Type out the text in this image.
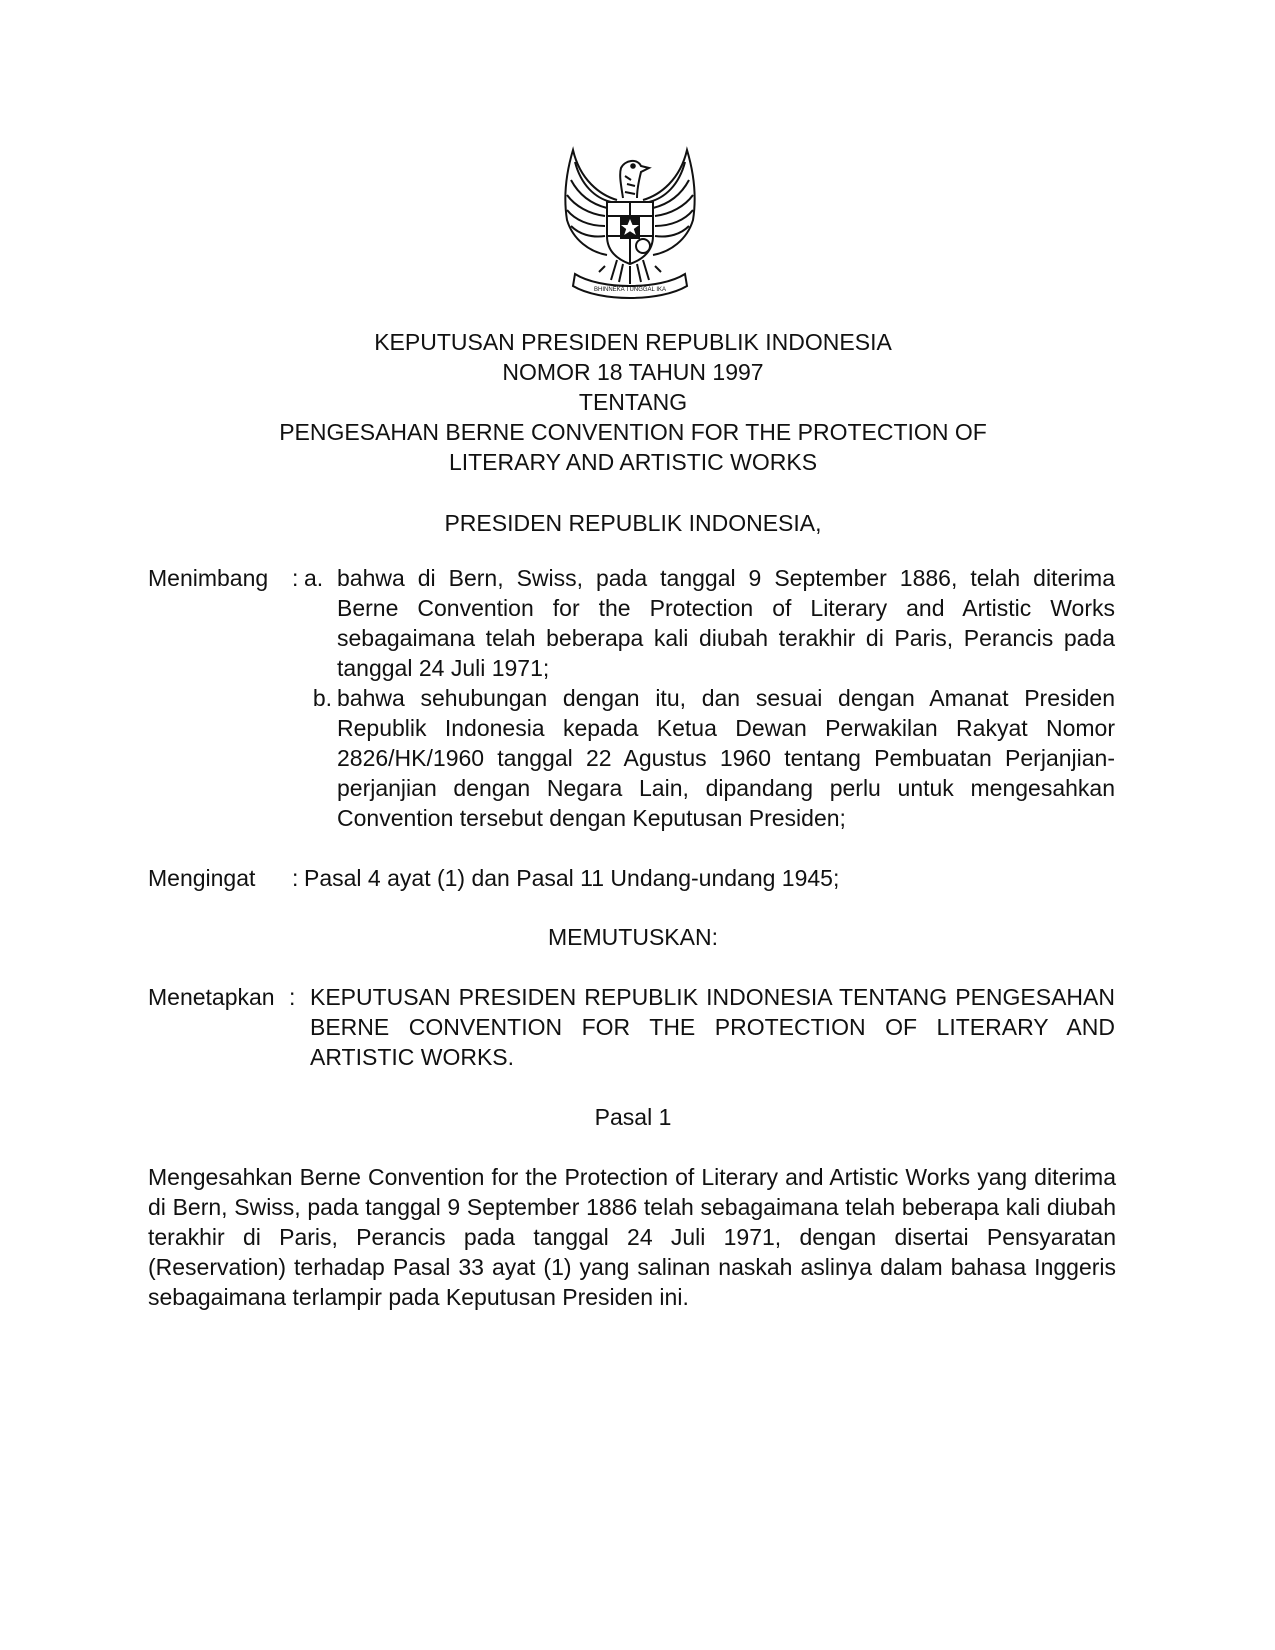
BHINNEKA TUNGGAL IKA
KEPUTUSAN PRESIDEN REPUBLIK INDONESIA
NOMOR 18 TAHUN 1997
TENTANG
PENGESAHAN BERNE CONVENTION FOR THE PROTECTION OF
LITERARY AND ARTISTIC WORKS
PRESIDEN REPUBLIK INDONESIA,
Menimbang : a. bahwa di Bern, Swiss, pada tanggal 9 September 1886, telah diterima Berne Convention for the Protection of Literary and Artistic Works sebagaimana telah beberapa kali diubah terakhir di Paris, Perancis pada tanggal 24 Juli 1971;
b. bahwa sehubungan dengan itu, dan sesuai dengan Amanat Presiden Republik Indonesia kepada Ketua Dewan Perwakilan Rakyat Nomor 2826/HK/1960 tanggal 22 Agustus 1960 tentang Pembuatan Perjanjian-perjanjian dengan Negara Lain, dipandang perlu untuk mengesahkan Convention tersebut dengan Keputusan Presiden;
Mengingat : Pasal 4 ayat (1) dan Pasal 11 Undang-undang 1945;
MEMUTUSKAN:
Menetapkan : KEPUTUSAN PRESIDEN REPUBLIK INDONESIA TENTANG PENGESAHAN BERNE CONVENTION FOR THE PROTECTION OF LITERARY AND ARTISTIC WORKS.
Pasal 1
Mengesahkan Berne Convention for the Protection of Literary and Artistic Works yang diterima di Bern, Swiss, pada tanggal 9 September 1886 telah sebagaimana telah beberapa kali diubah terakhir di Paris, Perancis pada tanggal 24 Juli 1971, dengan disertai Pensyaratan (Reservation) terhadap Pasal 33 ayat (1) yang salinan naskah aslinya dalam bahasa Inggeris sebagaimana terlampir pada Keputusan Presiden ini.
